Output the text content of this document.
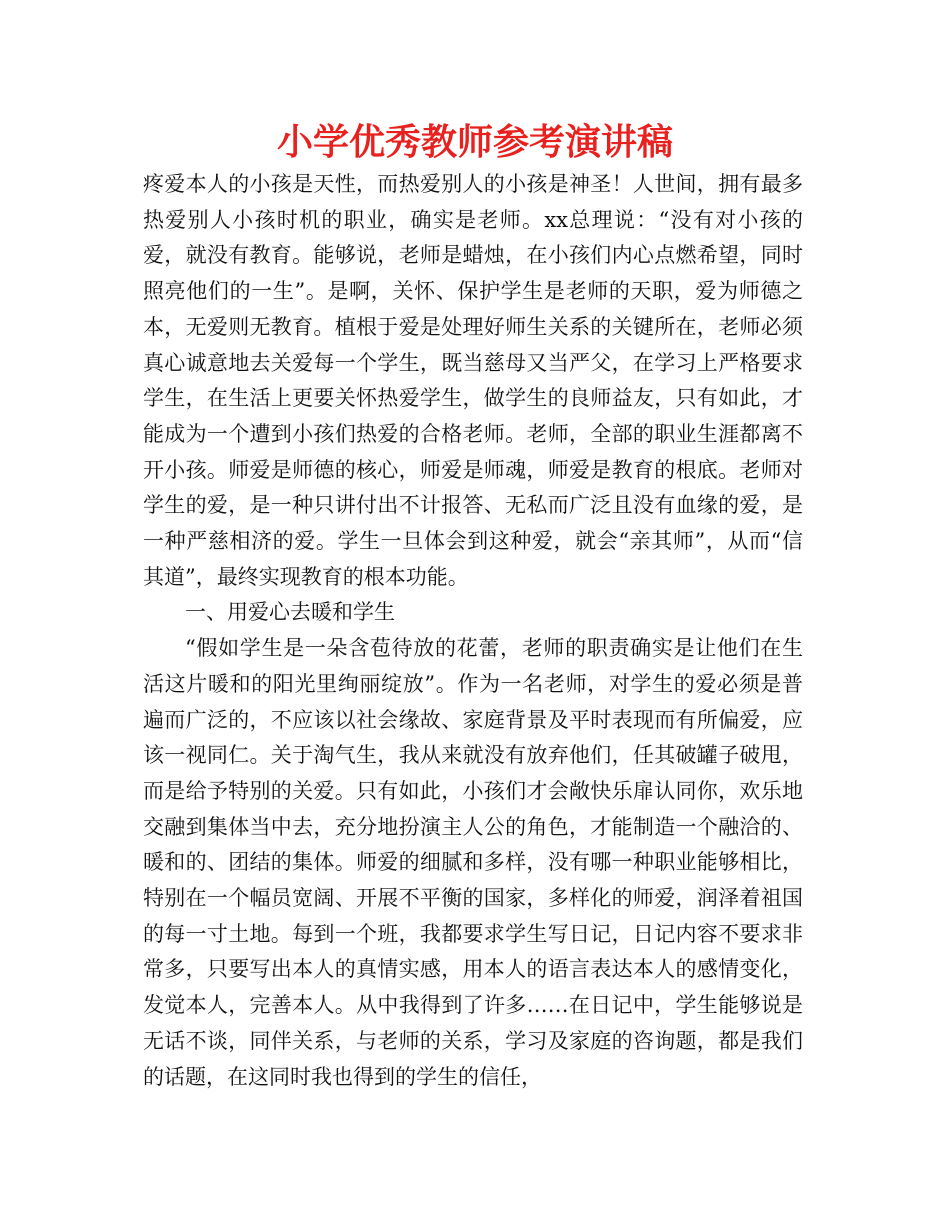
小学优秀教师参考演讲稿

疼爱本人的小孩是天性，而热爱别人的小孩是神圣！人世间，拥有最多热爱别人小孩时机的职业，确实是老师。xx总理说：“没有对小孩的爱，就没有教育。能够说，老师是蜡烛，在小孩们内心点燃希望，同时照亮他们的一生”。是啊，关怀、保护学生是老师的天职，爱为师德之本，无爱则无教育。植根于爱是处理好师生关系的关键所在，老师必须真心诚意地去关爱每一个学生，既当慈母又当严父，在学习上严格要求学生，在生活上更要关怀热爱学生，做学生的良师益友，只有如此，才能成为一个遭到小孩们热爱的合格老师。老师，全部的职业生涯都离不开小孩。师爱是师德的核心，师爱是师魂，师爱是教育的根底。老师对学生的爱，是一种只讲付出不计报答、无私而广泛且没有血缘的爱，是一种严慈相济的爱。学生一旦体会到这种爱，就会“亲其师”，从而“信其道”，最终实现教育的根本功能。

一、用爱心去暖和学生

“假如学生是一朵含苞待放的花蕾，老师的职责确实是让他们在生活这片暖和的阳光里绚丽绽放”。作为一名老师，对学生的爱必须是普遍而广泛的，不应该以社会缘故、家庭背景及平时表现而有所偏爱，应该一视同仁。关于淘气生，我从来就没有放弃他们，任其破罐子破甩，而是给予特别的关爱。只有如此，小孩们才会敞快乐扉认同你，欢乐地交融到集体当中去，充分地扮演主人公的角色，才能制造一个融洽的、暖和的、团结的集体。师爱的细腻和多样，没有哪一种职业能够相比，特别在一个幅员宽阔、开展不平衡的国家，多样化的师爱，润泽着祖国的每一寸土地。每到一个班，我都要求学生写日记，日记内容不要求非常多，只要写出本人的真情实感，用本人的语言表达本人的感情变化，发觉本人，完善本人。从中我得到了许多……在日记中，学生能够说是无话不谈，同伴关系，与老师的关系，学习及家庭的咨询题，都是我们的话题，在这同时我也得到的学生的信任，
